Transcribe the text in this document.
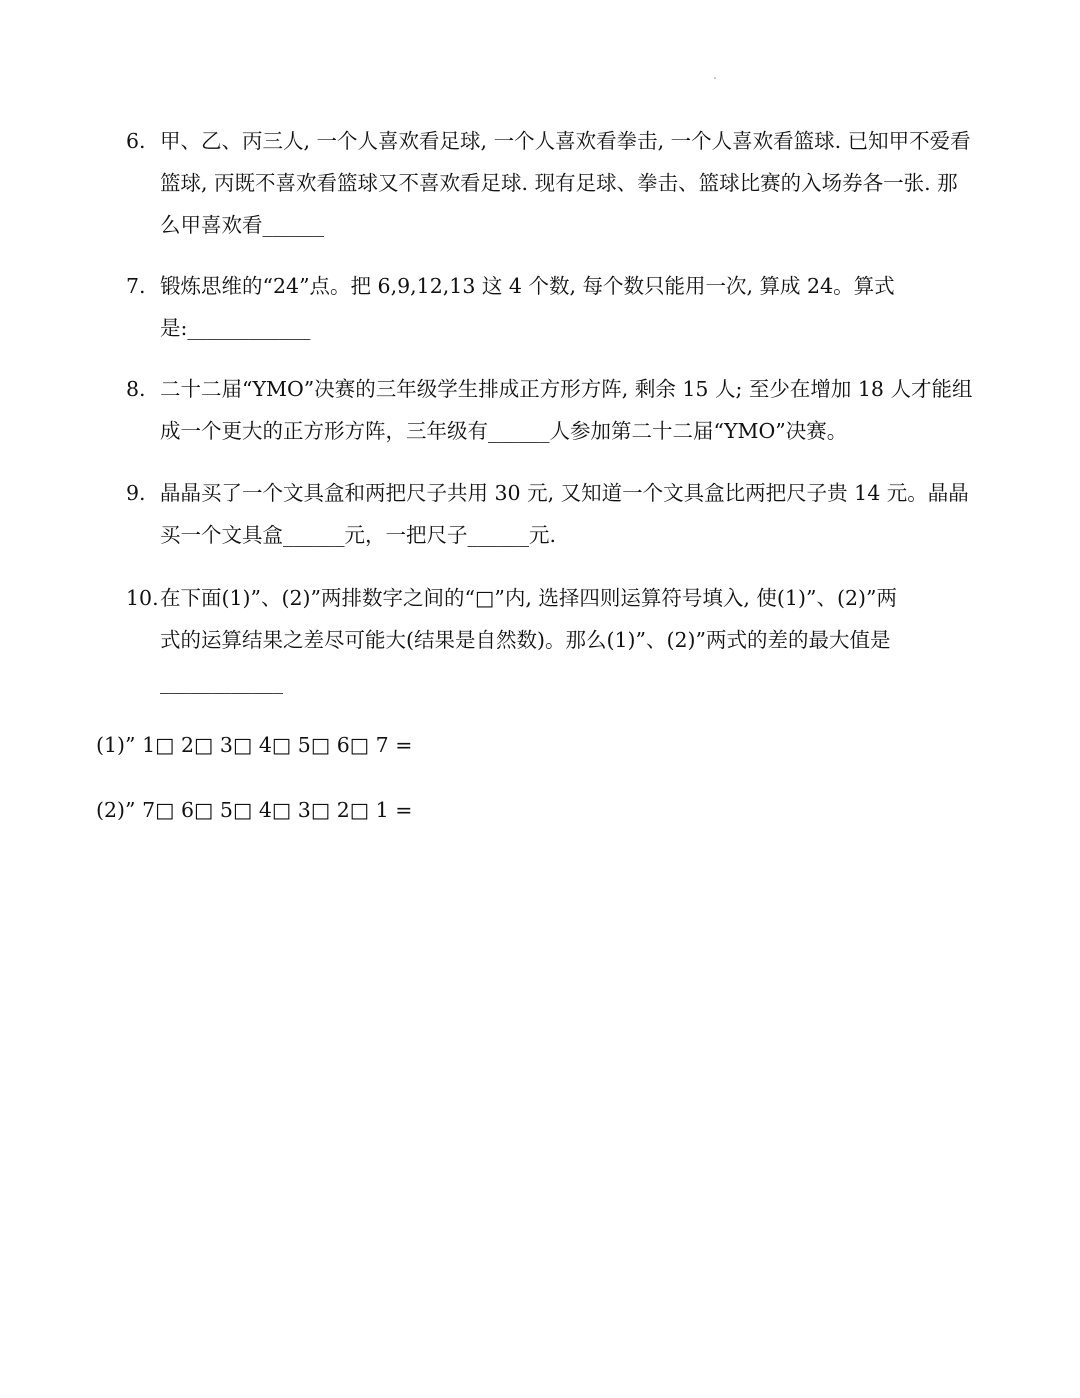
6. 甲、乙、丙三人, 一个人喜欢看足球, 一个人喜欢看拳击, 一个人喜欢看篮球. 已知甲不爱看
篮球, 丙既不喜欢看篮球又不喜欢看足球. 现有足球、拳击、篮球比赛的入场券各一张. 那
么甲喜欢看______
7. 锻炼思维的“24”点。把 6,9,12,13 这 4 个数, 每个数只能用一次, 算成 24。算式
是:____________
8. 二十二届“YMO”决赛的三年级学生排成正方形方阵, 剩余 15 人; 至少在增加 18 人才能组
成一个更大的正方形方阵，三年级有______人参加第二十二届“YMO”决赛。
9. 晶晶买了一个文具盒和两把尺子共用 30 元, 又知道一个文具盒比两把尺子贵 14 元。晶晶
买一个文具盒______元，一把尺子______元.
10. 在下面(1)”、(2)”两排数字之间的“□”内, 选择四则运算符号填入, 使(1)”、(2)”两
式的运算结果之差尽可能大(结果是自然数)。那么(1)”、(2)”两式的差的最大值是
____________
(1)” 1□ 2□ 3□ 4□ 5□ 6□ 7 =
(2)” 7□ 6□ 5□ 4□ 3□ 2□ 1 =
